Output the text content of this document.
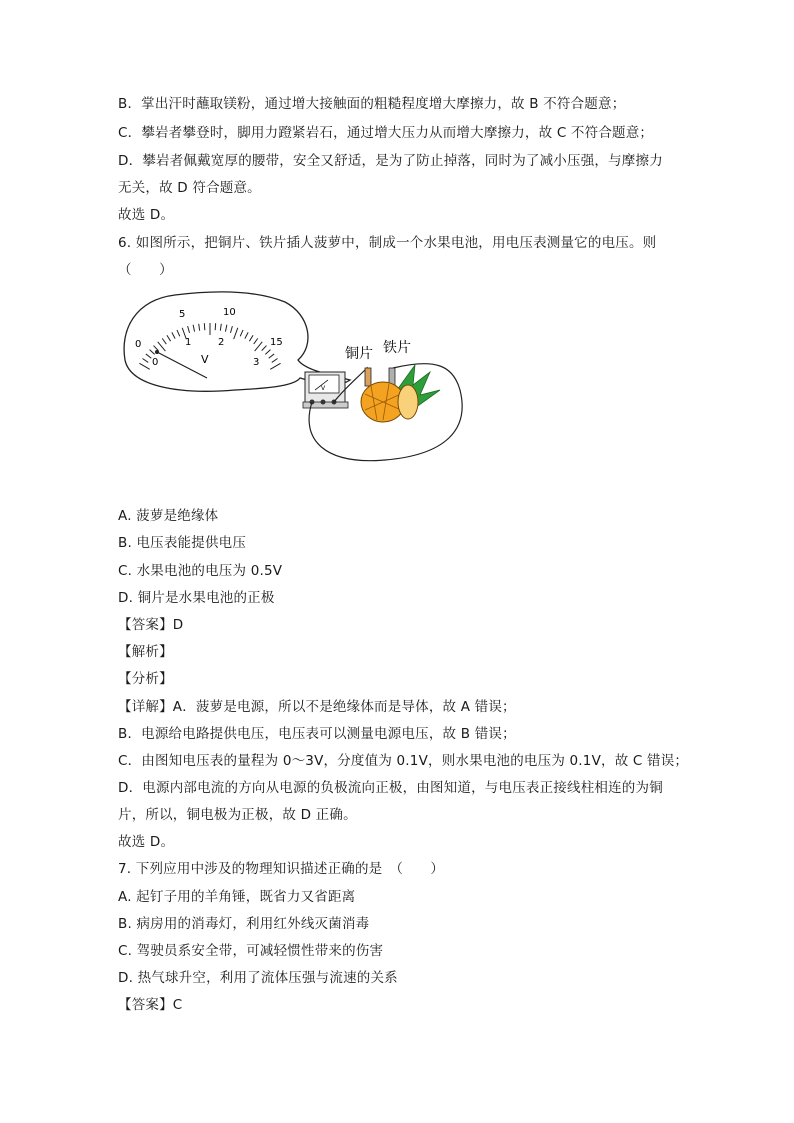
B．掌出汗时蘸取镁粉，通过增大接触面的粗糙程度增大摩擦力，故 B 不符合题意；
C．攀岩者攀登时，脚用力蹬紧岩石，通过增大压力从而增大摩擦力，故 C 不符合题意；
D．攀岩者佩戴宽厚的腰带，安全又舒适，是为了防止掉落，同时为了减小压强，与摩擦力
无关，故 D 符合题意。
故选 D。
6. 如图所示，把铜片、铁片插人菠萝中，制成一个水果电池，用电压表测量它的电压。则
（　　）
0
5	10
15
0
1	2
3
V
V
铜片 铁片
A. 菠萝是绝缘体
B. 电压表能提供电压
C. 水果电池的电压为 0.5V
D. 铜片是水果电池的正极
【答案】D
【解析】
【分析】
【详解】A．菠萝是电源，所以不是绝缘体而是导体，故 A 错误；
B．电源给电路提供电压，电压表可以测量电源电压，故 B 错误；
C．由图知电压表的量程为 0～3V，分度值为 0.1V，则水果电池的电压为 0.1V，故 C 错误；
D．电源内部电流的方向从电源的负极流向正极，由图知道，与电压表正接线柱相连的为铜
片，所以，铜电极为正极，故 D 正确。
故选 D。
7. 下列应用中涉及的物理知识描述正确的是　（　　）
A. 起钉子用的羊角锤，既省力又省距离
B. 病房用的消毒灯，利用红外线灭菌消毒
C. 驾驶员系安全带，可减轻惯性带来的伤害
D. 热气球升空，利用了流体压强与流速的关系
【答案】C
